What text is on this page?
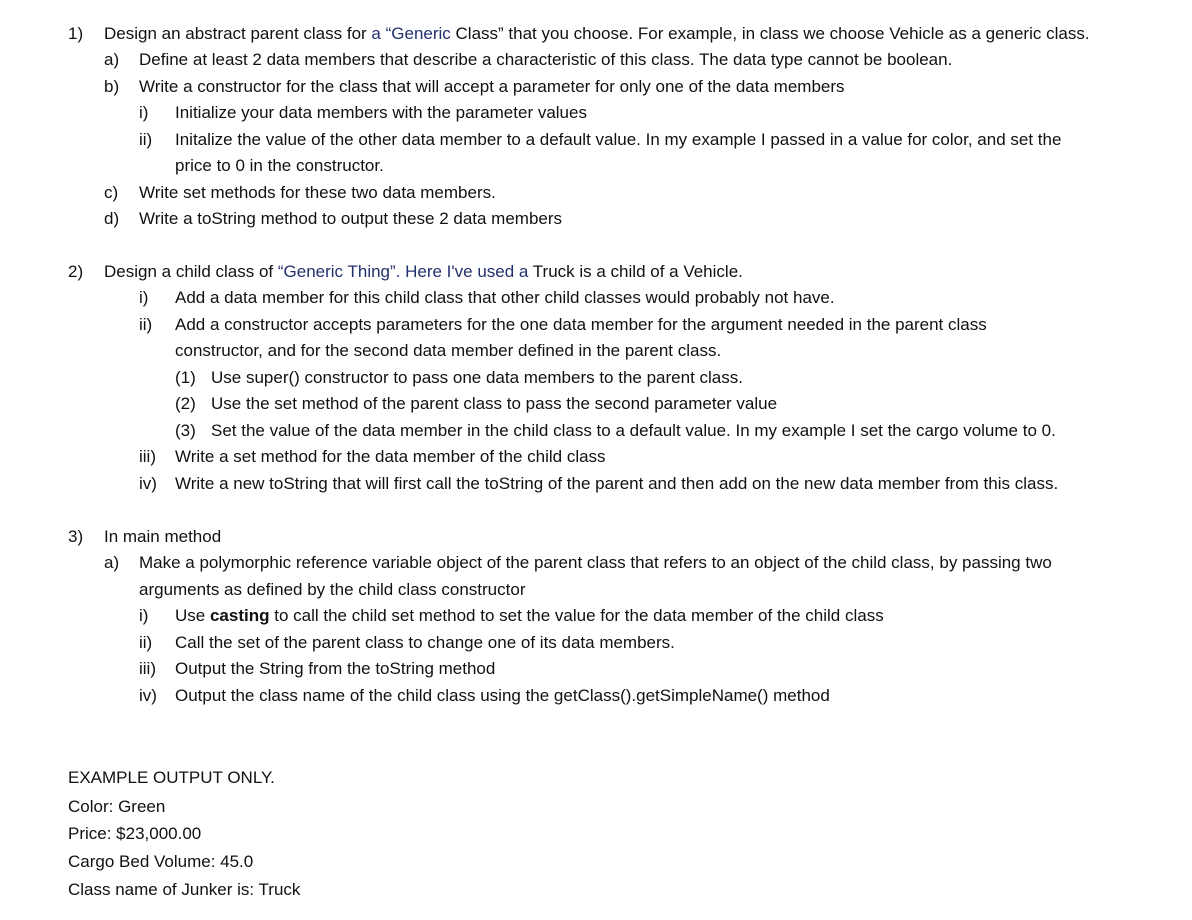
1) Design an abstract parent class for a “Generic Class” that you choose. For example, in class we choose Vehicle as a generic class.
a) Define at least 2 data members that describe a characteristic of this class. The data type cannot be boolean.
b) Write a constructor for the class that will accept a parameter for only one of the data members
i) Initialize your data members with the parameter values
ii) Initalize the value of the other data member to a default value. In my example I passed in a value for color, and set the
price to 0 in the constructor.
c) Write set methods for these two data members.
d) Write a toString method to output these 2 data members
2) Design a child class of “Generic Thing”. Here I've used a Truck is a child of a Vehicle.
i) Add a data member for this child class that other child classes would probably not have.
ii) Add a constructor accepts parameters for the one data member for the argument needed in the parent class
constructor, and for the second data member defined in the parent class.
(1) Use super() constructor to pass one data members to the parent class.
(2) Use the set method of the parent class to pass the second parameter value
(3) Set the value of the data member in the child class to a default value. In my example I set the cargo volume to 0.
iii) Write a set method for the data member of the child class
iv) Write a new toString that will first call the toString of the parent and then add on the new data member from this class.
3) In main method
a) Make a polymorphic reference variable object of the parent class that refers to an object of the child class, by passing two
arguments as defined by the child class constructor
i) Use casting to call the child set method to set the value for the data member of the child class
ii) Call the set of the parent class to change one of its data members.
iii) Output the String from the toString method
iv) Output the class name of the child class using the getClass().getSimpleName() method
EXAMPLE OUTPUT ONLY.
Color: Green
Price: $23,000.00
Cargo Bed Volume: 45.0
Class name of Junker is: Truck
